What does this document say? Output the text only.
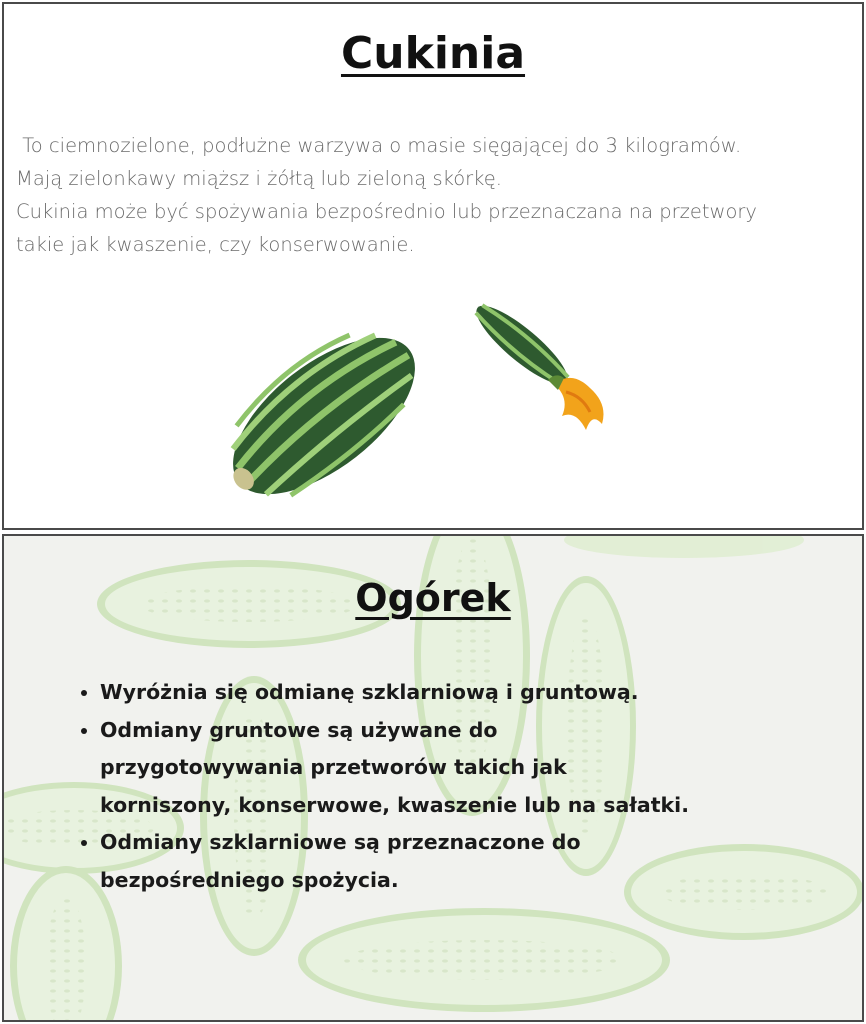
Cukinia
To ciemnozielone, podłużne warzywa o masie sięgającej do 3 kilogramów.
Mają zielonkawy miąższ i żółtą lub zieloną skórkę.
Cukinia może być spożywania bezpośrednio lub przeznaczana na przetwory
takie jak kwaszenie, czy konserwowanie.
Ogórek
• Wyróżnia się odmianę szklarniową i gruntową.
• Odmiany gruntowe są używane do
przygotowywania przetworów takich jak
korniszony, konserwowe, kwaszenie lub na sałatki.
• Odmiany szklarniowe są przeznaczone do
bezpośredniego spożycia.
